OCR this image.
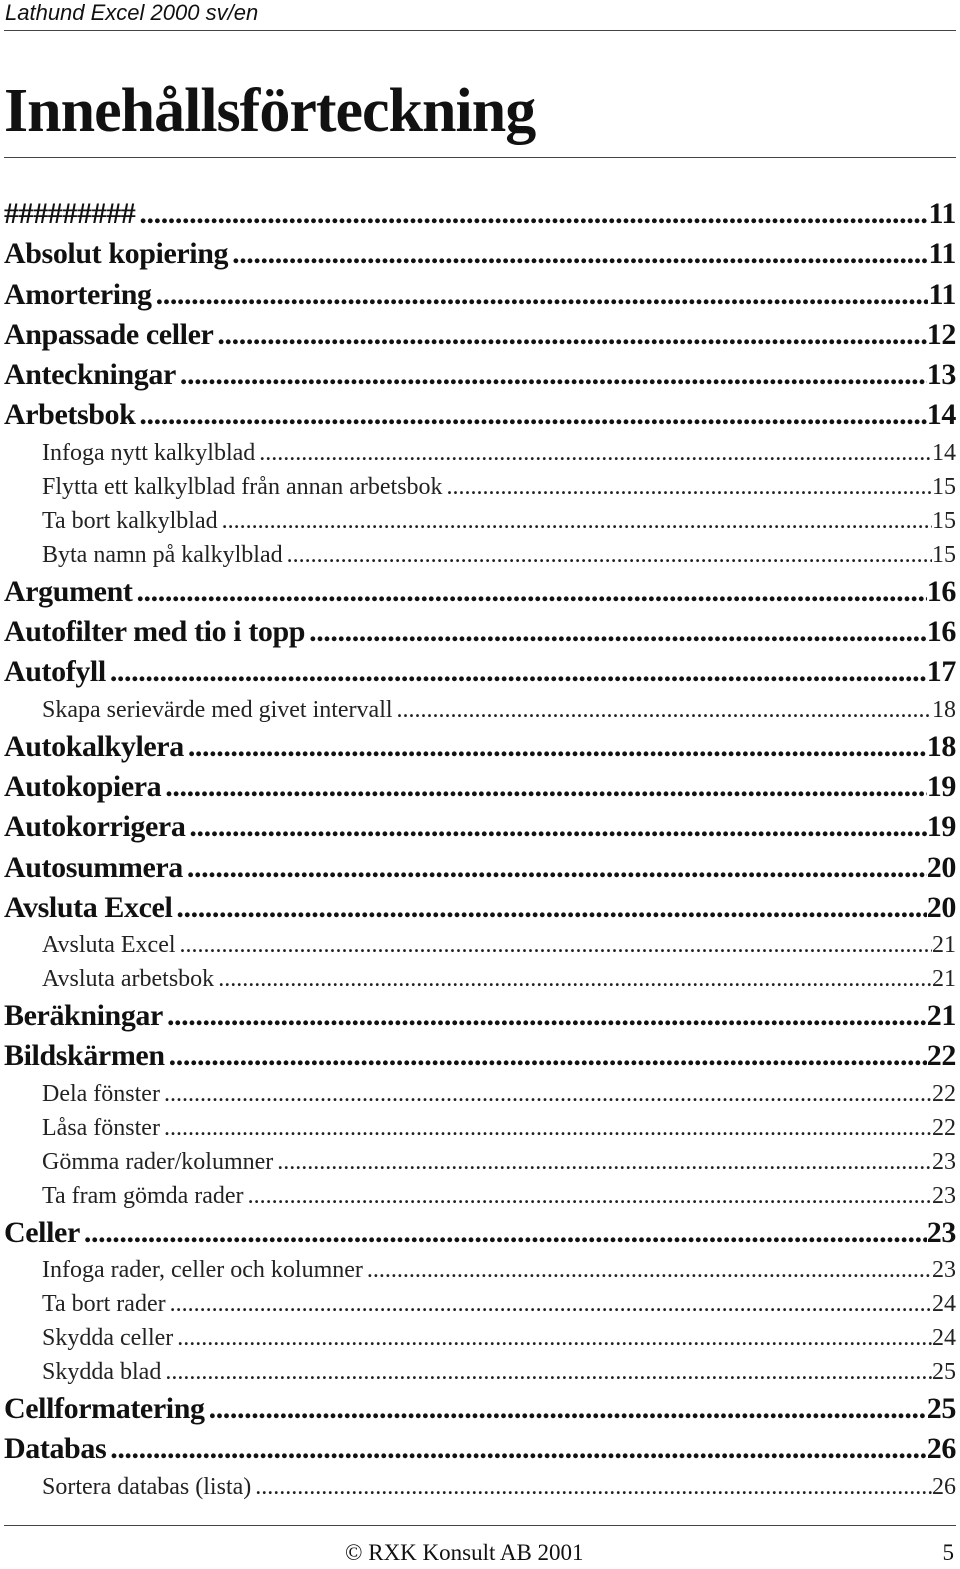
Lathund Excel 2000 sv/en
Innehållsförteckning
######### .....	11
Absolut kopiering .....	11
Amortering .....	11
Anpassade celler .....	12
Anteckningar .....	13
Arbetsbok .....	14
Infoga nytt kalkylblad .....	14
Flytta ett kalkylblad från annan arbetsbok .....	15
Ta bort kalkylblad .....	15
Byta namn på kalkylblad .....	15
Argument .....	16
Autofilter med tio i topp .....	16
Autofyll .....	17
Skapa serievärde med givet intervall .....	18
Autokalkylera .....	18
Autokopiera .....	19
Autokorrigera .....	19
Autosummera .....	20
Avsluta Excel .....	20
Avsluta Excel .....	21
Avsluta arbetsbok .....	21
Beräkningar .....	21
Bildskärmen .....	22
Dela fönster .....	22
Låsa fönster .....	22
Gömma rader/kolumner .....	23
Ta fram gömda rader .....	23
Celler .....	23
Infoga rader, celler och kolumner .....	23
Ta bort rader .....	24
Skydda celler .....	24
Skydda blad .....	25
Cellformatering .....	25
Databas .....	26
Sortera databas (lista) .....	26
© RXK Konsult AB 2001	5
